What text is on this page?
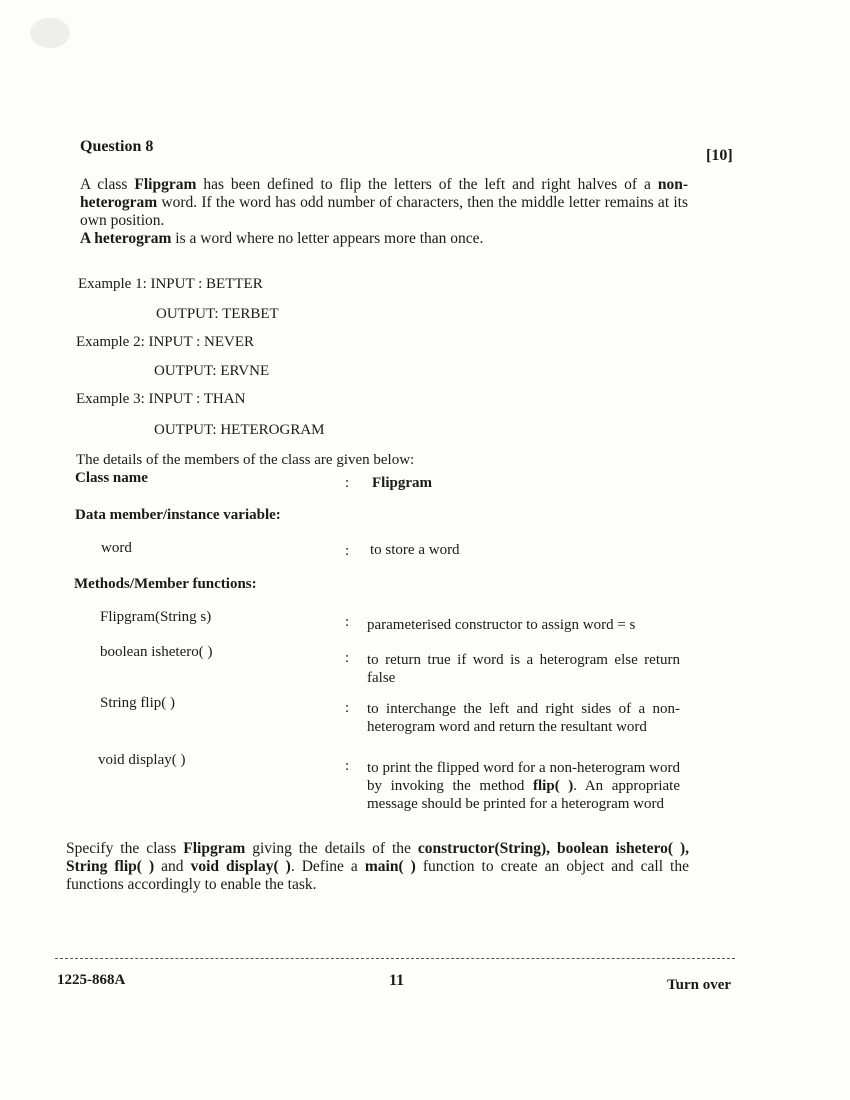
Question 8
[10]

A class Flipgram has been defined to flip the letters of the left and right halves of a non-heterogram word. If the word has odd number of characters, then the middle letter remains at its own position.

A heterogram is a word where no letter appears more than once.

Example 1: INPUT : BETTER
OUTPUT: TERBET
Example 2: INPUT : NEVER
OUTPUT: ERVNE
Example 3: INPUT : THAN
OUTPUT: HETEROGRAM
The details of the members of the class are given below:
Class name	: Flipgram
Data member/instance variable:
word	: to store a word
Methods/Member functions:
Flipgram(String s)	: parameterised constructor to assign word = s
boolean ishetero( )	: to return true if word is a heterogram else return false
String flip( )	: to interchange the left and right sides of a non-heterogram word and return the resultant word
void display( )	: to print the flipped word for a non-heterogram word by invoking the method flip( ). An appropriate message should be printed for a heterogram word
Specify the class Flipgram giving the details of the constructor(String), boolean ishetero( ), String flip( ) and void display( ). Define a main( ) function to create an object and call the functions accordingly to enable the task.
1225-868A	11	Turn over
